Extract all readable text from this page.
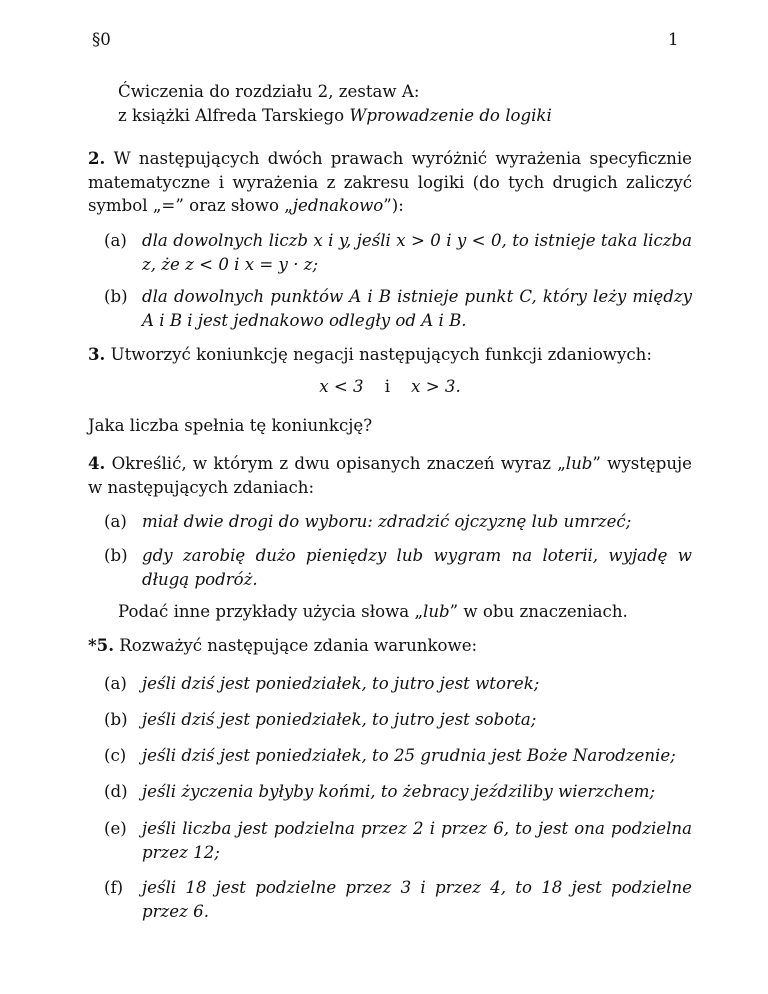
§0	1
Ćwiczenia do rozdziału 2, zestaw A:
z książki Alfreda Tarskiego Wprowadzenie do logiki
2. W następujących dwóch prawach wyróżnić wyrażenia specyficznie matematyczne i wyrażenia z zakresu logiki (do tych drugich zaliczyć symbol „=” oraz słowo „jednakowo”):
(a) dla dowolnych liczb x i y, jeśli x > 0 i y < 0, to istnieje taka liczba z, że z < 0 i x = y · z;
(b) dla dowolnych punktów A i B istnieje punkt C, który leży między A i B i jest jednakowo odległy od A i B.
3. Utworzyć koniunkcję negacji następujących funkcji zdaniowych:
x < 3 i x > 3.
Jaka liczba spełnia tę koniunkcję?
4. Określić, w którym z dwu opisanych znaczeń wyraz „lub” występuje w następujących zdaniach:
(a) miał dwie drogi do wyboru: zdradzić ojczyznę lub umrzeć;
(b) gdy zarobię dużo pieniędzy lub wygram na loterii, wyjadę w długą podróż.
Podać inne przykłady użycia słowa „lub” w obu znaczeniach.
*5. Rozważyć następujące zdania warunkowe:
(a) jeśli dziś jest poniedziałek, to jutro jest wtorek;
(b) jeśli dziś jest poniedziałek, to jutro jest sobota;
(c) jeśli dziś jest poniedziałek, to 25 grudnia jest Boże Narodzenie;
(d) jeśli życzenia byłyby końmi, to żebracy jeździliby wierzchem;
(e) jeśli liczba jest podzielna przez 2 i przez 6, to jest ona podzielna przez 12;
(f) jeśli 18 jest podzielne przez 3 i przez 4, to 18 jest podzielne przez 6.
